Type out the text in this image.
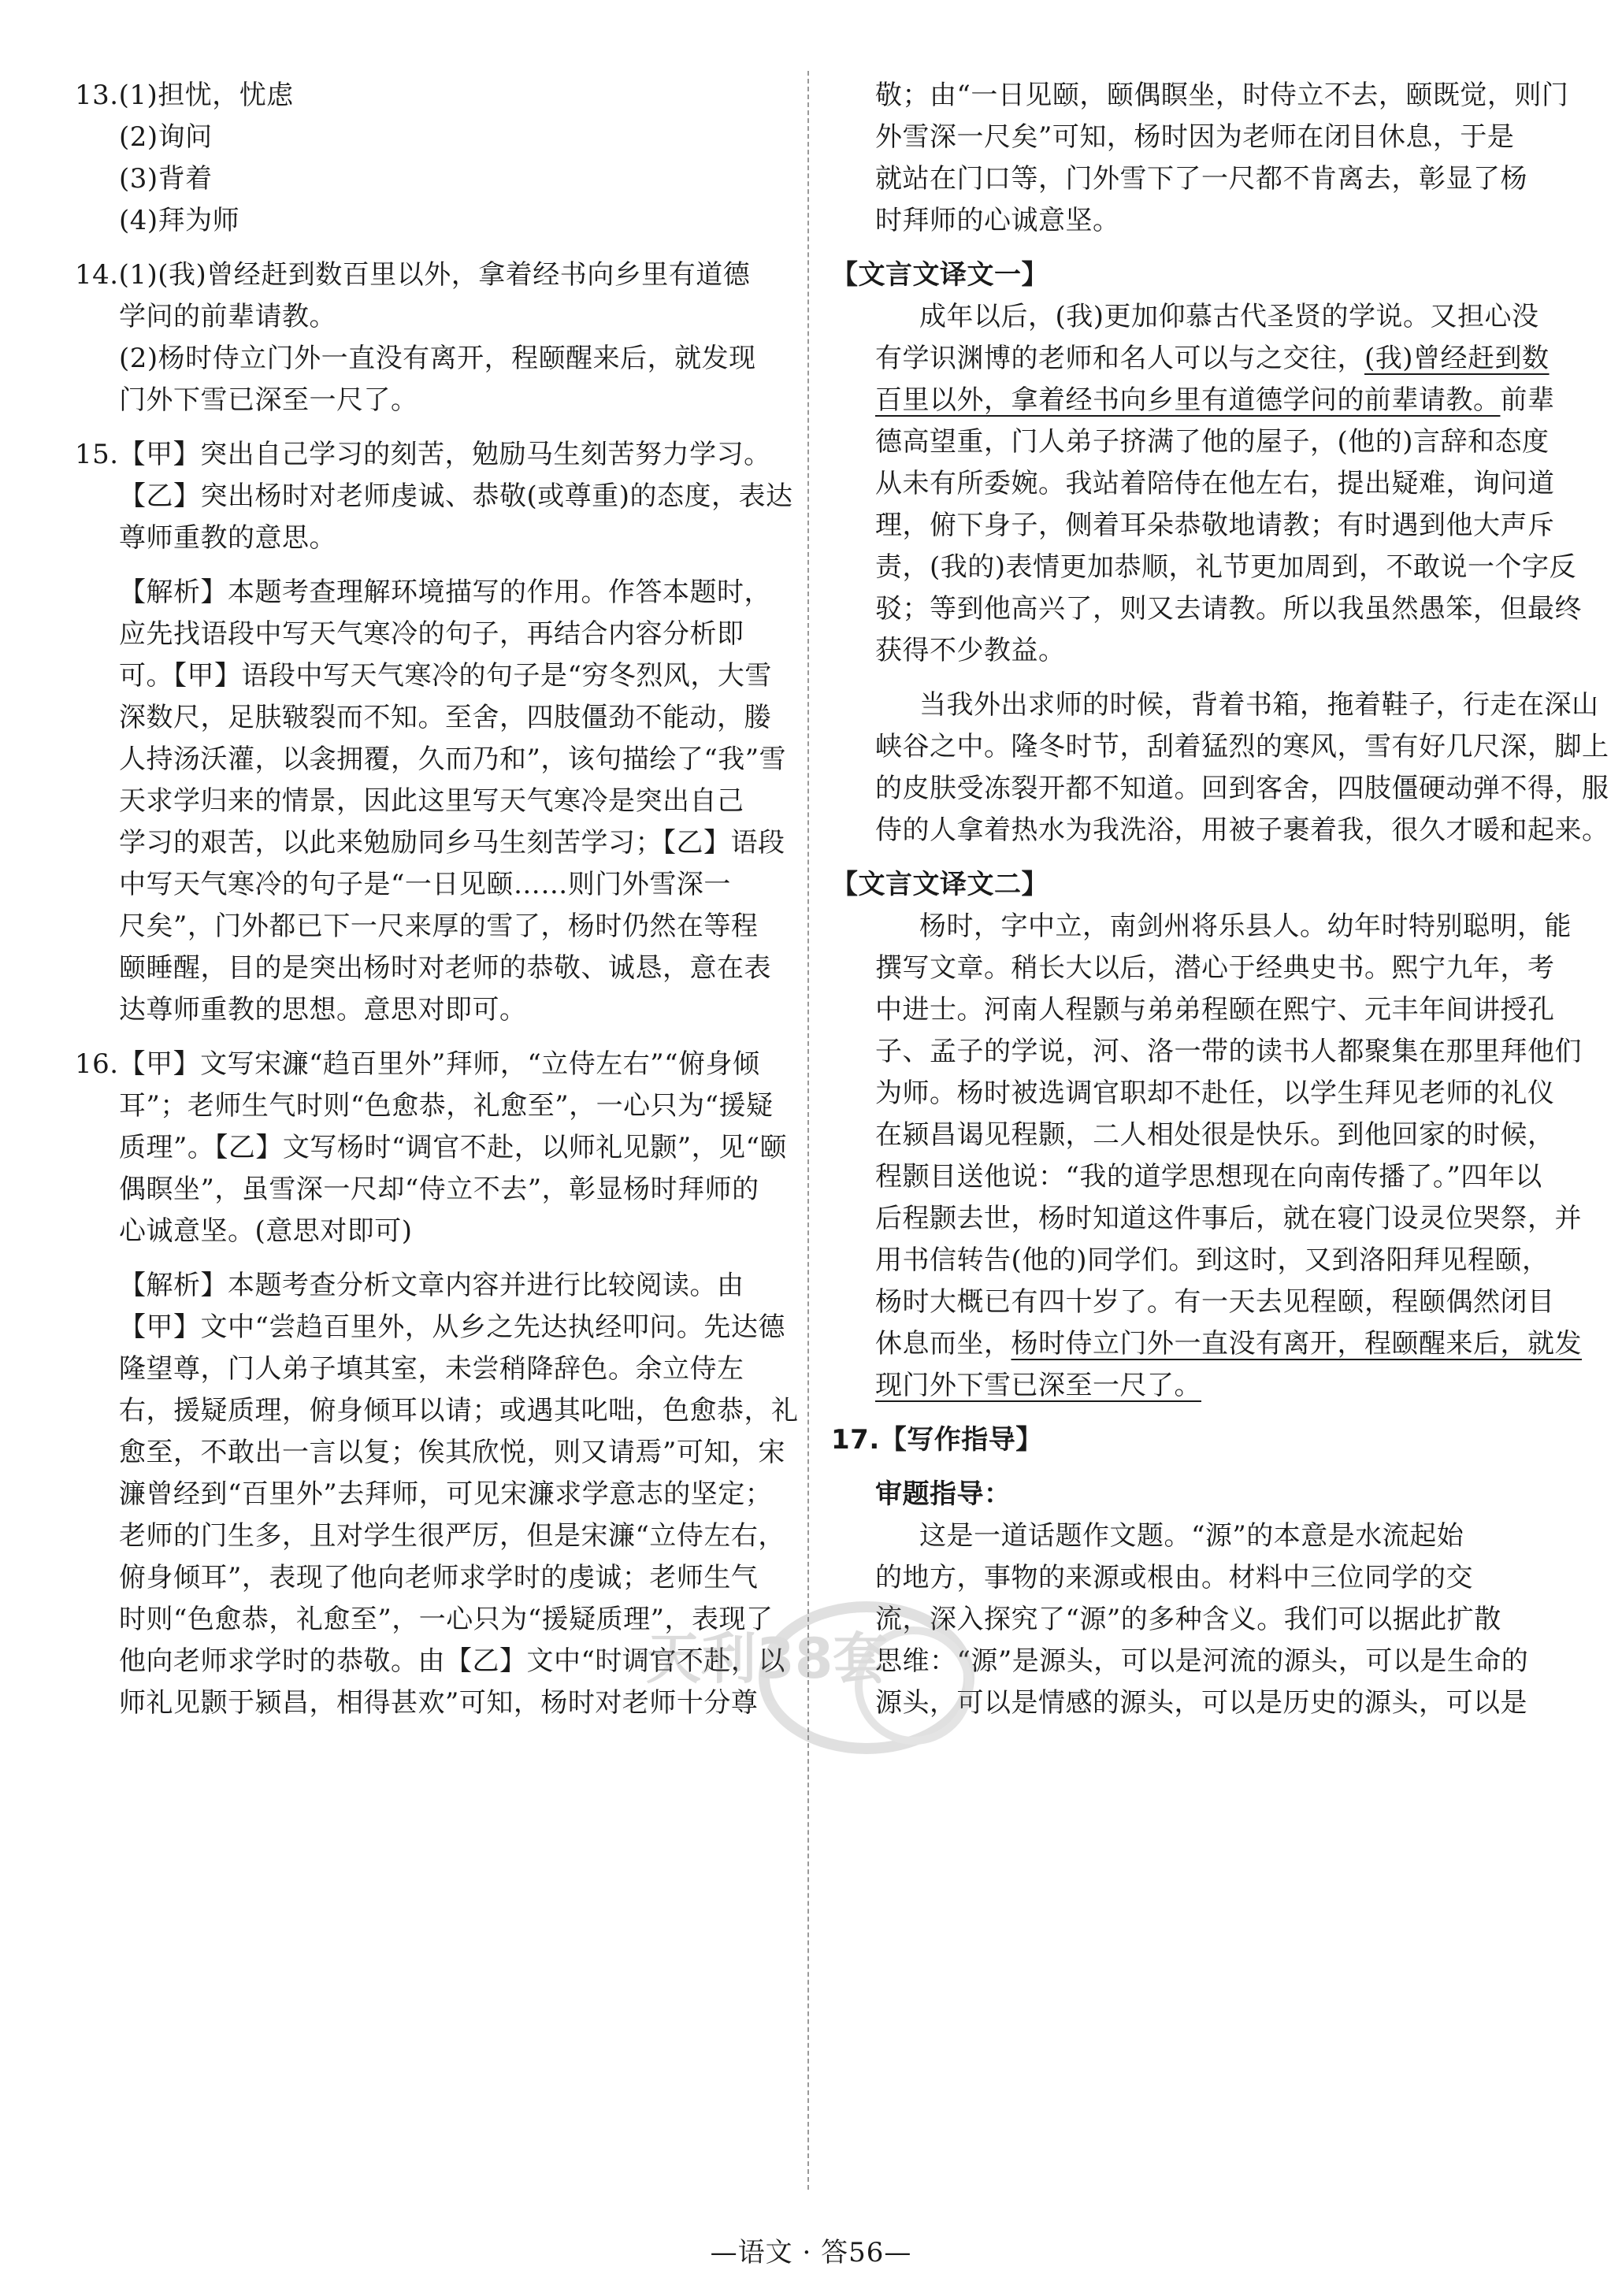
13.(1)担忧，忧虑
(2)询问
(3)背着
(4)拜为师
14.(1)(我)曾经赶到数百里以外，拿着经书向乡里有道德
学问的前辈请教。
(2)杨时侍立门外一直没有离开，程颐醒来后，就发现
门外下雪已深至一尺了。
15.【甲】突出自己学习的刻苦，勉励马生刻苦努力学习。
【乙】突出杨时对老师虔诚、恭敬(或尊重)的态度，表达
尊师重教的意思。
【解析】本题考查理解环境描写的作用。作答本题时，
应先找语段中写天气寒冷的句子，再结合内容分析即
可。【甲】语段中写天气寒冷的句子是“穷冬烈风，大雪
深数尺，足肤皲裂而不知。至舍，四肢僵劲不能动，媵
人持汤沃灌，以衾拥覆，久而乃和”，该句描绘了“我”雪
天求学归来的情景，因此这里写天气寒冷是突出自己
学习的艰苦，以此来勉励同乡马生刻苦学习；【乙】语段
中写天气寒冷的句子是“一日见颐……则门外雪深一
尺矣”，门外都已下一尺来厚的雪了，杨时仍然在等程
颐睡醒，目的是突出杨时对老师的恭敬、诚恳，意在表
达尊师重教的思想。意思对即可。
16.【甲】文写宋濂“趋百里外”拜师，“立侍左右”“俯身倾
耳”；老师生气时则“色愈恭，礼愈至”，一心只为“援疑
质理”。【乙】文写杨时“调官不赴，以师礼见颢”，见“颐
偶瞑坐”，虽雪深一尺却“侍立不去”，彰显杨时拜师的
心诚意坚。(意思对即可)
【解析】本题考查分析文章内容并进行比较阅读。由
【甲】文中“尝趋百里外，从乡之先达执经叩问。先达德
隆望尊，门人弟子填其室，未尝稍降辞色。余立侍左
右，援疑质理，俯身倾耳以请；或遇其叱咄，色愈恭，礼
愈至，不敢出一言以复；俟其欣悦，则又请焉”可知，宋
濂曾经到“百里外”去拜师，可见宋濂求学意志的坚定；
老师的门生多，且对学生很严厉，但是宋濂“立侍左右，
俯身倾耳”，表现了他向老师求学时的虔诚；老师生气
时则“色愈恭，礼愈至”，一心只为“援疑质理”，表现了
他向老师求学时的恭敬。由【乙】文中“时调官不赴，以
师礼见颢于颍昌，相得甚欢”可知，杨时对老师十分尊
敬；由“一日见颐，颐偶瞑坐，时侍立不去，颐既觉，则门
外雪深一尺矣”可知，杨时因为老师在闭目休息，于是
就站在门口等，门外雪下了一尺都不肯离去，彰显了杨
时拜师的心诚意坚。
【文言文译文一】
成年以后，(我)更加仰慕古代圣贤的学说。又担心没
有学识渊博的老师和名人可以与之交往，(我)曾经赶到数
百里以外，拿着经书向乡里有道德学问的前辈请教。前辈
德高望重，门人弟子挤满了他的屋子，(他的)言辞和态度
从未有所委婉。我站着陪侍在他左右，提出疑难，询问道
理，俯下身子，侧着耳朵恭敬地请教；有时遇到他大声斥
责，(我的)表情更加恭顺，礼节更加周到，不敢说一个字反
驳；等到他高兴了，则又去请教。所以我虽然愚笨，但最终
获得不少教益。
当我外出求师的时候，背着书箱，拖着鞋子，行走在深山
峡谷之中。隆冬时节，刮着猛烈的寒风，雪有好几尺深，脚上
的皮肤受冻裂开都不知道。回到客舍，四肢僵硬动弹不得，服
侍的人拿着热水为我洗浴，用被子裹着我，很久才暖和起来。
【文言文译文二】
杨时，字中立，南剑州将乐县人。幼年时特别聪明，能
撰写文章。稍长大以后，潜心于经典史书。熙宁九年，考
中进士。河南人程颢与弟弟程颐在熙宁、元丰年间讲授孔
子、孟子的学说，河、洛一带的读书人都聚集在那里拜他们
为师。杨时被选调官职却不赴任，以学生拜见老师的礼仪
在颍昌谒见程颢，二人相处很是快乐。到他回家的时候，
程颢目送他说：“我的道学思想现在向南传播了。”四年以
后程颢去世，杨时知道这件事后，就在寝门设灵位哭祭，并
用书信转告(他的)同学们。到这时，又到洛阳拜见程颐，
杨时大概已有四十岁了。有一天去见程颐，程颐偶然闭目
休息而坐，杨时侍立门外一直没有离开，程颐醒来后，就发
现门外下雪已深至一尺了。
17.【写作指导】
审题指导：
这是一道话题作文题。“源”的本意是水流起始
的地方，事物的来源或根由。材料中三位同学的交
流，深入探究了“源”的多种含义。我们可以据此扩散
思维：“源”是源头，可以是河流的源头，可以是生命的
源头，可以是情感的源头，可以是历史的源头，可以是
天利38套
—语文 · 答56—
